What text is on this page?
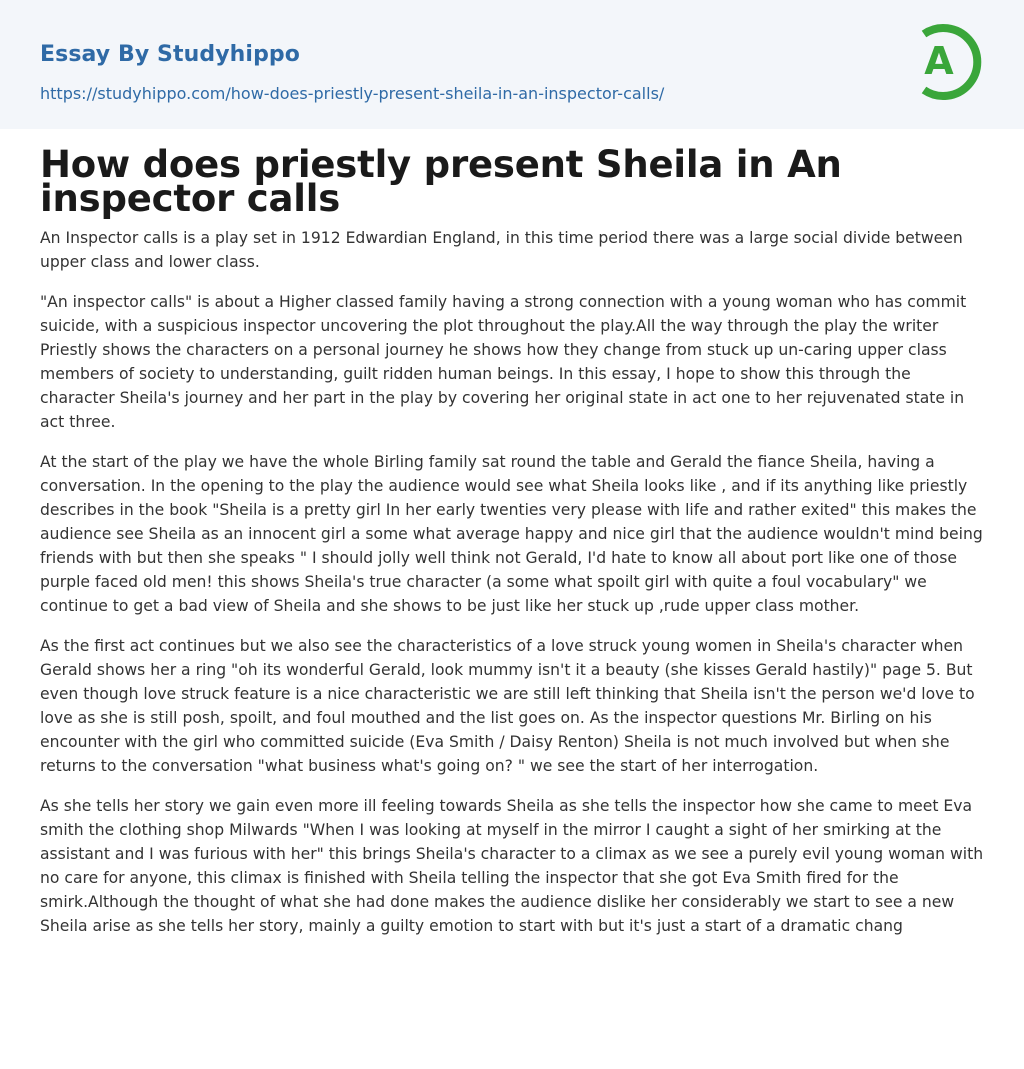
Essay By Studyhippo
https://studyhippo.com/how-does-priestly-present-sheila-in-an-inspector-calls/
A
How does priestly present Sheila in An inspector calls

An Inspector calls is a play set in 1912 Edwardian England, in this time period there was a large social divide between upper class and lower class.

"An inspector calls" is about a Higher classed family having a strong connection with a young woman who has commit suicide, with a suspicious inspector uncovering the plot throughout the play.All the way through the play the writer Priestly shows the characters on a personal journey he shows how they change from stuck up un-caring upper class members of society to understanding, guilt ridden human beings. In this essay, I hope to show this through the character Sheila's journey and her part in the play by covering her original state in act one to her rejuvenated state in act three.

At the start of the play we have the whole Birling family sat round the table and Gerald the fiance Sheila, having a conversation. In the opening to the play the audience would see what Sheila looks like , and if its anything like priestly describes in the book "Sheila is a pretty girl In her early twenties very please with life and rather exited" this makes the audience see Sheila as an innocent girl a some what average happy and nice girl that the audience wouldn't mind being friends with but then she speaks " I should jolly well think not Gerald, I'd hate to know all about port like one of those purple faced old men! this shows Sheila's true character (a some what spoilt girl with quite a foul vocabulary" we continue to get a bad view of Sheila and she shows to be just like her stuck up ,rude upper class mother.

As the first act continues but we also see the characteristics of a love struck young women in Sheila's character when Gerald shows her a ring "oh its wonderful Gerald, look mummy isn't it a beauty (she kisses Gerald hastily)" page 5. But even though love struck feature is a nice characteristic we are still left thinking that Sheila isn't the person we'd love to love as she is still posh, spoilt, and foul mouthed and the list goes on. As the inspector questions Mr. Birling on his encounter with the girl who committed suicide (Eva Smith / Daisy Renton) Sheila is not much involved but when she returns to the conversation "what business what's going on? " we see the start of her interrogation.

As she tells her story we gain even more ill feeling towards Sheila as she tells the inspector how she came to meet Eva smith the clothing shop Milwards "When I was looking at myself in the mirror I caught a sight of her smirking at the assistant and I was furious with her" this brings Sheila's character to a climax as we see a purely evil young woman with no care for anyone, this climax is finished with Sheila telling the inspector that she got Eva Smith fired for the smirk.Although the thought of what she had done makes the audience dislike her considerably we start to see a new Sheila arise as she tells her story, mainly a guilty emotion to start with but it's just a start of a dramatic chang
